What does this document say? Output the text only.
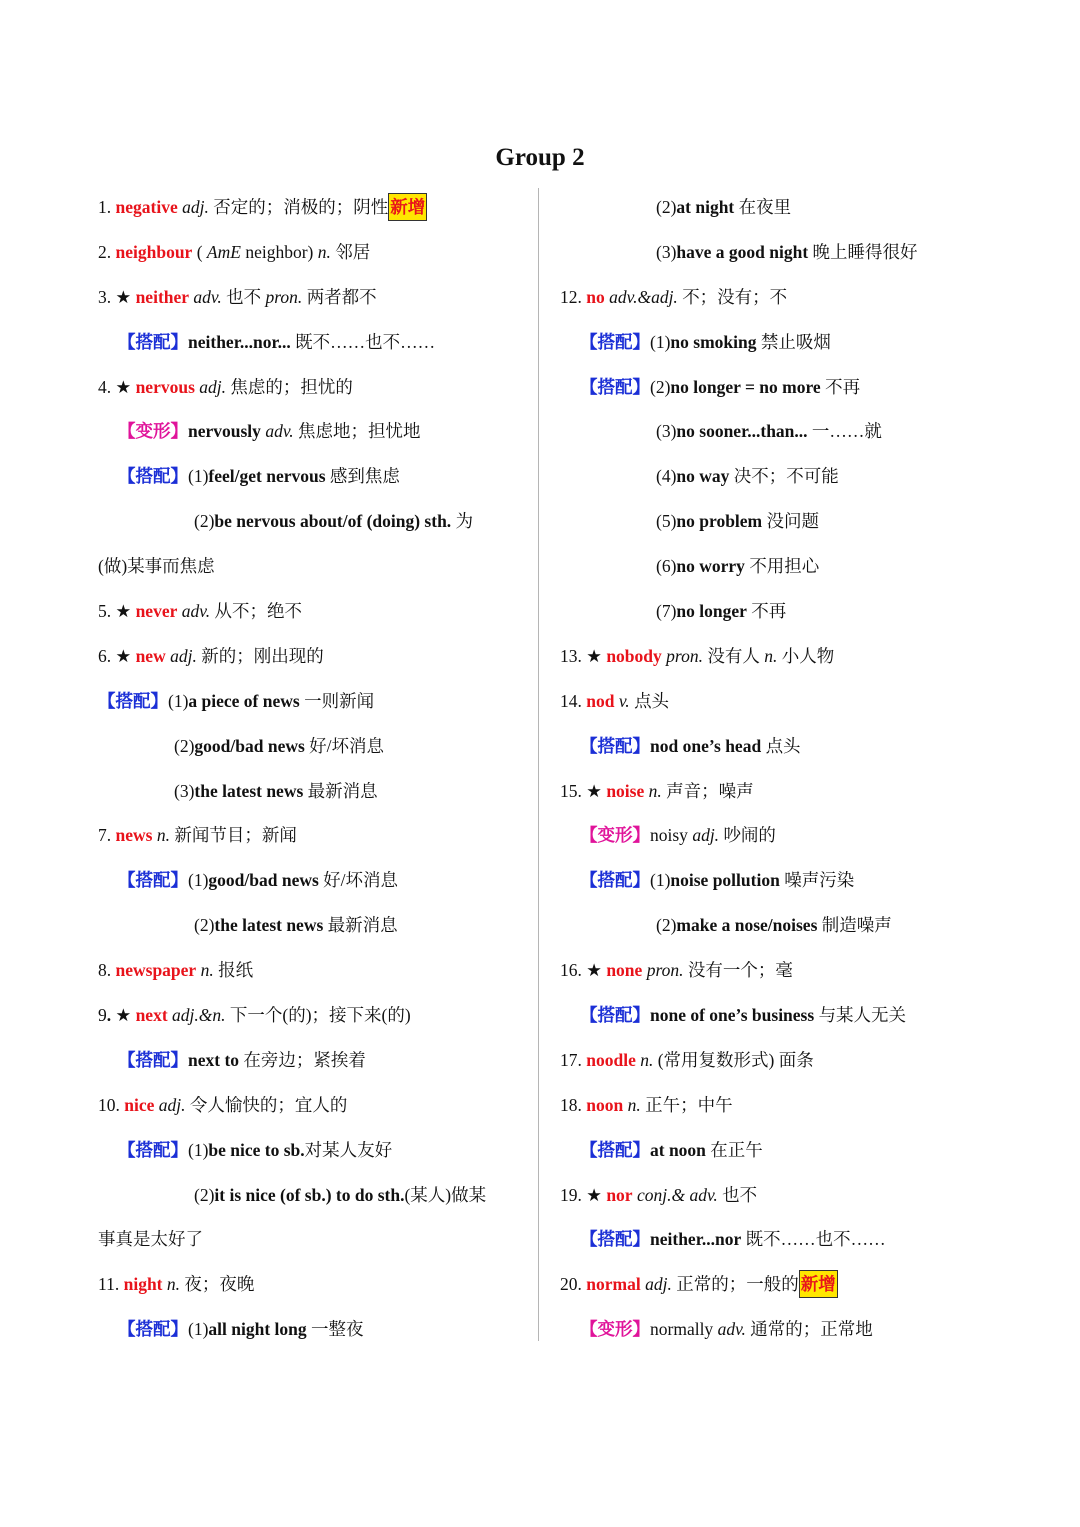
Group 2
1. negative adj. 否定的；消极的；阴性 新增
2. neighbour ( AmE neighbor) n. 邻居
3. ★ neither adv. 也不 pron. 两者都不
【搭配】neither...nor... 既不……也不……
4. ★ nervous adj. 焦虑的；担忧的
【变形】nervously adv. 焦虑地；担忧地
【搭配】(1)feel/get nervous 感到焦虑
(2)be nervous about/of (doing) sth. 为
(做)某事而焦虑
5. ★ never adv. 从不；绝不
6. ★ new adj. 新的；刚出现的
【搭配】(1)a piece of news 一则新闻
(2)good/bad news 好/坏消息
(3)the latest news 最新消息
7. news n. 新闻节目；新闻
【搭配】(1)good/bad news 好/坏消息
(2)the latest news 最新消息
8. newspaper n. 报纸
9. ★ next adj.&n. 下一个(的)；接下来(的)
【搭配】next to 在旁边；紧挨着
10. nice adj. 令人愉快的；宜人的
【搭配】(1)be nice to sb.对某人友好
(2)it is nice (of sb.) to do sth.(某人)做某
事真是太好了
11. night n. 夜；夜晚
【搭配】(1)all night long 一整夜
(2)at night 在夜里
(3)have a good night 晚上睡得很好
12. no adv.&adj. 不；没有；不
【搭配】(1)no smoking 禁止吸烟
【搭配】(2)no longer = no more 不再
(3)no sooner...than... 一……就
(4)no way 决不；不可能
(5)no problem 没问题
(6)no worry 不用担心
(7)no longer 不再
13. ★ nobody pron. 没有人 n. 小人物
14. nod v. 点头
【搭配】nod one’s head 点头
15. ★ noise n. 声音；噪声
【变形】noisy adj. 吵闹的
【搭配】(1)noise pollution 噪声污染
(2)make a nose/noises 制造噪声
16. ★ none pron. 没有一个；毫
【搭配】none of one’s business 与某人无关
17. noodle n. (常用复数形式) 面条
18. noon n. 正午；中午
【搭配】at noon 在正午
19. ★ nor conj.& adv. 也不
【搭配】neither...nor 既不……也不……
20. normal adj. 正常的；一般的 新增
【变形】normally adv. 通常的；正常地
